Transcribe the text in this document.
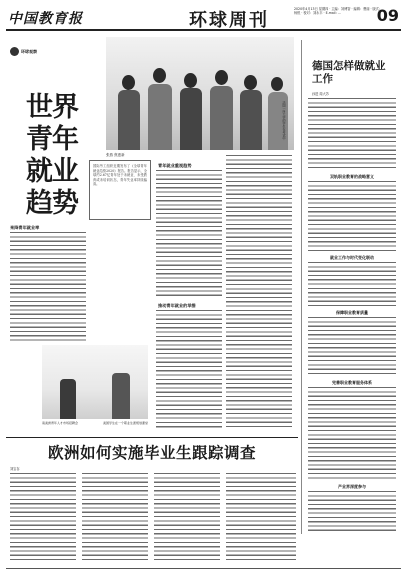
中国教育报	环球周刊
2020年4月13日 星期四 · 主编：刘博智 · 编辑：曹丽 · 版式：杨悦 · 校对：刘永丰 · E-mail: ...	09
环球观察
法国一所大学的学生在考试中
世界青年就业趋势
张燕 焦惠新
国际劳工组织近期发布了《全球青年就业趋势2020》报告。报告显示，全球约2.67亿青年处于未就业、未受教育或未培训状态，青年失业率持续偏高。
来降青年就业率
青年就业重视趋势
推动青年就业的举措
南美洲青年人才市场招聘会	美国学生在一个职业生涯规划课堂
德国怎样做就业工作
孙进 周大苏
双轨职业教育的战略意义
就业工作与时代变化联动
保障职业教育质量
完善职业教育服务体系
产业界深度参与
欧洲如何实施毕业生跟踪调查
刘宝存
